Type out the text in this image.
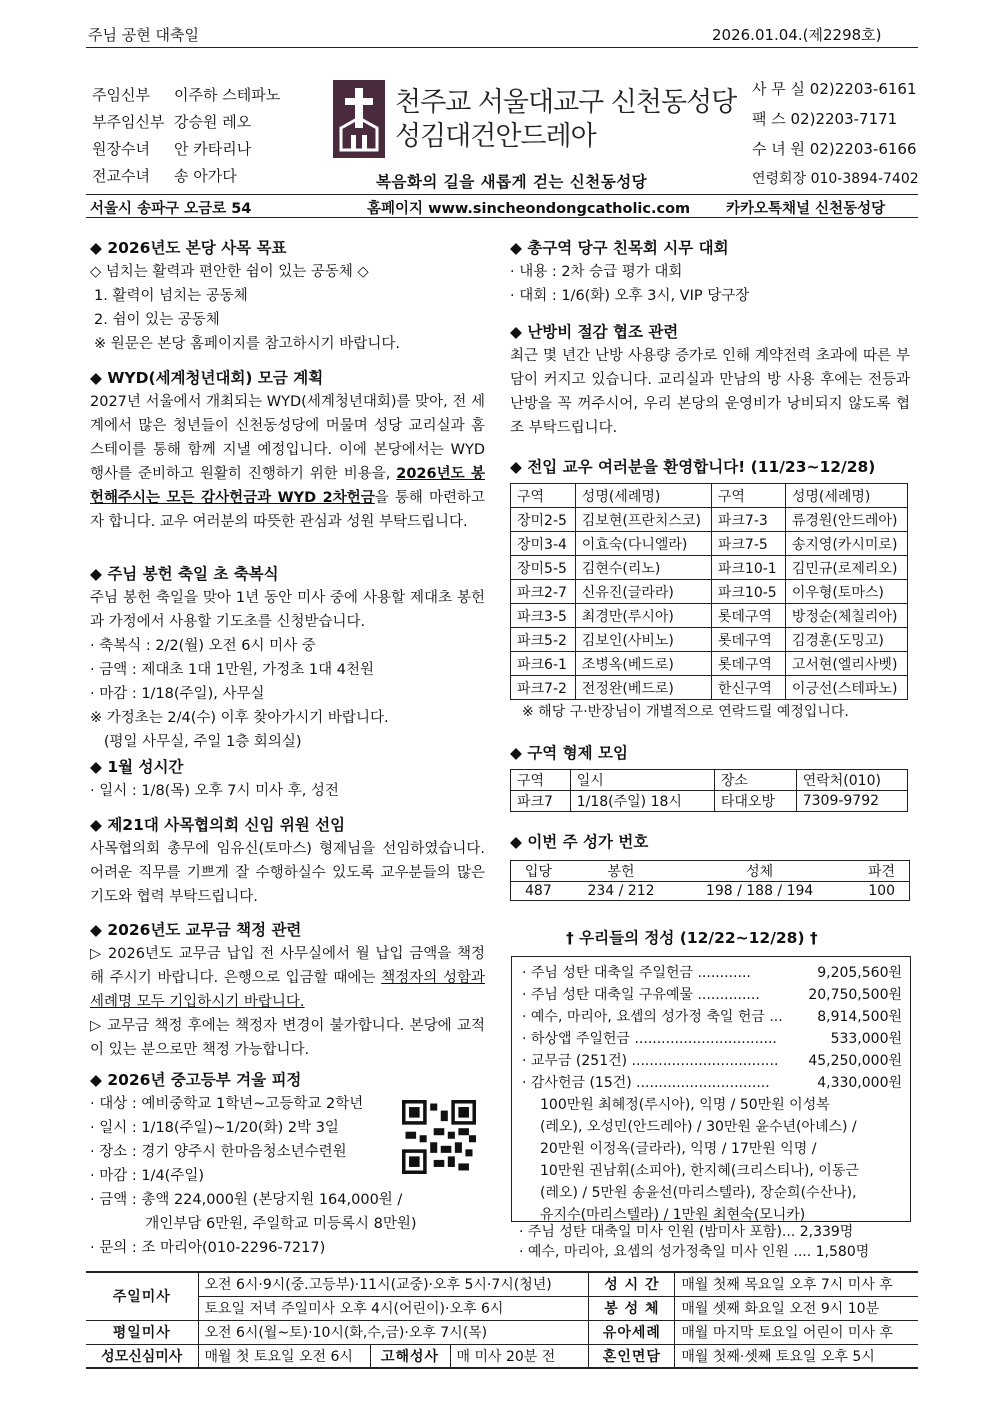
주님 공현 대축일	2026.01.04.(제2298호)
주임신부 이주하 스테파노
부주임신부 강승원 레오
원장수녀 안 카타리나
전교수녀 송 아가다
천주교 서울대교구 신천동성당
성김대건안드레아
복음화의 길을 새롭게 걷는 신천동성당
사 무 실 02)2203-6161
팩 스 02)2203-7171
수 녀 원 02)2203-6166
연령회장 010-3894-7402
서울시 송파구 오금로 54	홈페이지 www.sincheondongcatholic.com 카카오톡채널 신천동성당
◆ 2026년도 본당 사목 목표
◇ 넘치는 활력과 편안한 쉼이 있는 공동체 ◇
1. 활력이 넘치는 공동체
2. 쉼이 있는 공동체
※ 원문은 본당 홈페이지를 참고하시기 바랍니다.
◆ WYD(세계청년대회) 모금 계획
2027년 서울에서 개최되는 WYD(세계청년대회)를 맞아, 전 세계에서 많은 청년들이 신천동성당에 머물며 성당 교리실과 홈스테이를 통해 함께 지낼 예정입니다. 이에 본당에서는 WYD 행사를 준비하고 원활히 진행하기 위한 비용을, 2026년도 봉헌해주시는 모든 감사헌금과 WYD 2차헌금을 통해 마련하고자 합니다. 교우 여러분의 따뜻한 관심과 성원 부탁드립니다.
◆ 주님 봉헌 축일 초 축복식
주님 봉헌 축일을 맞아 1년 동안 미사 중에 사용할 제대초 봉헌과 가정에서 사용할 기도초를 신청받습니다.
· 축복식 : 2/2(월) 오전 6시 미사 중
· 금액 : 제대초 1대 1만원, 가정초 1대 4천원
· 마감 : 1/18(주일), 사무실
※ 가정초는 2/4(수) 이후 찾아가시기 바랍니다.
(평일 사무실, 주일 1층 회의실)
◆ 1월 성시간
· 일시 : 1/8(목) 오후 7시 미사 후, 성전
◆ 제21대 사목협의회 신임 위원 선임
사목협의회 총무에 임유신(토마스) 형제님을 선임하였습니다. 어려운 직무를 기쁘게 잘 수행하실수 있도록 교우분들의 많은 기도와 협력 부탁드립니다.
◆ 2026년도 교무금 책정 관련
▷ 2026년도 교무금 납입 전 사무실에서 월 납입 금액을 책정해 주시기 바랍니다. 은행으로 입금할 때에는 책정자의 성함과 세례명 모두 기입하시기 바랍니다.
▷ 교무금 책정 후에는 책정자 변경이 불가합니다. 본당에 교적이 있는 분으로만 책정 가능합니다.
◆ 2026년 중고등부 겨울 피정
· 대상 : 예비중학교 1학년~고등학교 2학년
· 일시 : 1/18(주일)~1/20(화) 2박 3일
· 장소 : 경기 양주시 한마음청소년수련원
· 마감 : 1/4(주일)
· 금액 : 총액 224,000원 (본당지원 164,000원 /
개인부담 6만원, 주일학교 미등록시 8만원)
· 문의 : 조 마리아(010-2296-7217)
◆ 총구역 당구 친목회 시무 대회
· 내용 : 2차 승급 평가 대회
· 대회 : 1/6(화) 오후 3시, VIP 당구장
◆ 난방비 절감 협조 관련
최근 몇 년간 난방 사용량 증가로 인해 계약전력 초과에 따른 부담이 커지고 있습니다. 교리실과 만남의 방 사용 후에는 전등과 난방을 꼭 꺼주시어, 우리 본당의 운영비가 낭비되지 않도록 협조 부탁드립니다.
◆ 전입 교우 여러분을 환영합니다! (11/23~12/28)
구역	성명(세례명)	구역	성명(세례명)
장미2-5	김보현(프란치스코)	파크7-3	류경원(안드레아)
장미3-4	이효숙(다니엘라)	파크7-5	송지영(카시미로)
장미5-5	김현수(리노)	파크10-1	김민규(로제리오)
파크2-7	신유진(글라라)	파크10-5	이우형(토마스)
파크3-5	최경만(루시아)	롯데구역	방정순(체칠리아)
파크5-2	김보인(사비노)	롯데구역	김경훈(도밍고)
파크6-1	조병옥(베드로)	롯데구역	고서현(엘리사벳)
파크7-2	전정완(베드로)	한신구역	이긍선(스테파노)
※ 해당 구·반장님이 개별적으로 연락드릴 예정입니다.
◆ 구역 형제 모임
구역	일시	장소	연락처(010)
파크7	1/18(주일) 18시	타대오방	7309-9792
◆ 이번 주 성가 번호
입당	봉헌	성체	파견
487	234 / 212	198 / 188 / 194	100
† 우리들의 정성 (12/22~12/28) †
· 주님 성탄 대축일 주일헌금 ............	9,205,560원
· 주님 성탄 대축일 구유예물 ..............	20,750,500원
· 예수, 마리아, 요셉의 성가정 축일 헌금 ... 8,914,500원
· 하상앱 주일헌금 ................................	533,000원
· 교무금 (251건) ................................. 45,250,000원
· 감사헌금 (15건) ..............................	4,330,000원
100만원 최혜정(루시아), 익명 / 50만원 이성복
(레오), 오성민(안드레아) / 30만원 윤수년(아녜스) /
20만원 이정옥(글라라), 익명 / 17만원 익명 /
10만원 권남휘(소피아), 한지혜(크리스티나), 이동근
(레오) / 5만원 송윤선(마리스텔라), 장순희(수산나),
유지수(마리스텔라) / 1만원 최현숙(모니카)
· 주님 성탄 대축일 미사 인원 (밤미사 포함)... 2,339명
· 예수, 마리아, 요셉의 성가정축일 미사 인원 .... 1,580명
주일미사	오전 6시·9시(중.고등부)·11시(교중)·오후 5시·7시(청년)			성 시 간	매월 첫째 목요일 오후 7시 미사 후
	토요일 저녁 주일미사 오후 4시(어린이)·오후 6시			봉 성 체	매월 셋째 화요일 오전 9시 10분
평일미사	오전 6시(월~토)·10시(화,수,금)·오후 7시(목)			유아세례	매월 마지막 토요일 어린이 미사 후
성모신심미사	매월 첫 토요일 오전 6시	고해성사	매 미사 20분 전	혼인면담	매월 첫째·셋째 토요일 오후 5시
